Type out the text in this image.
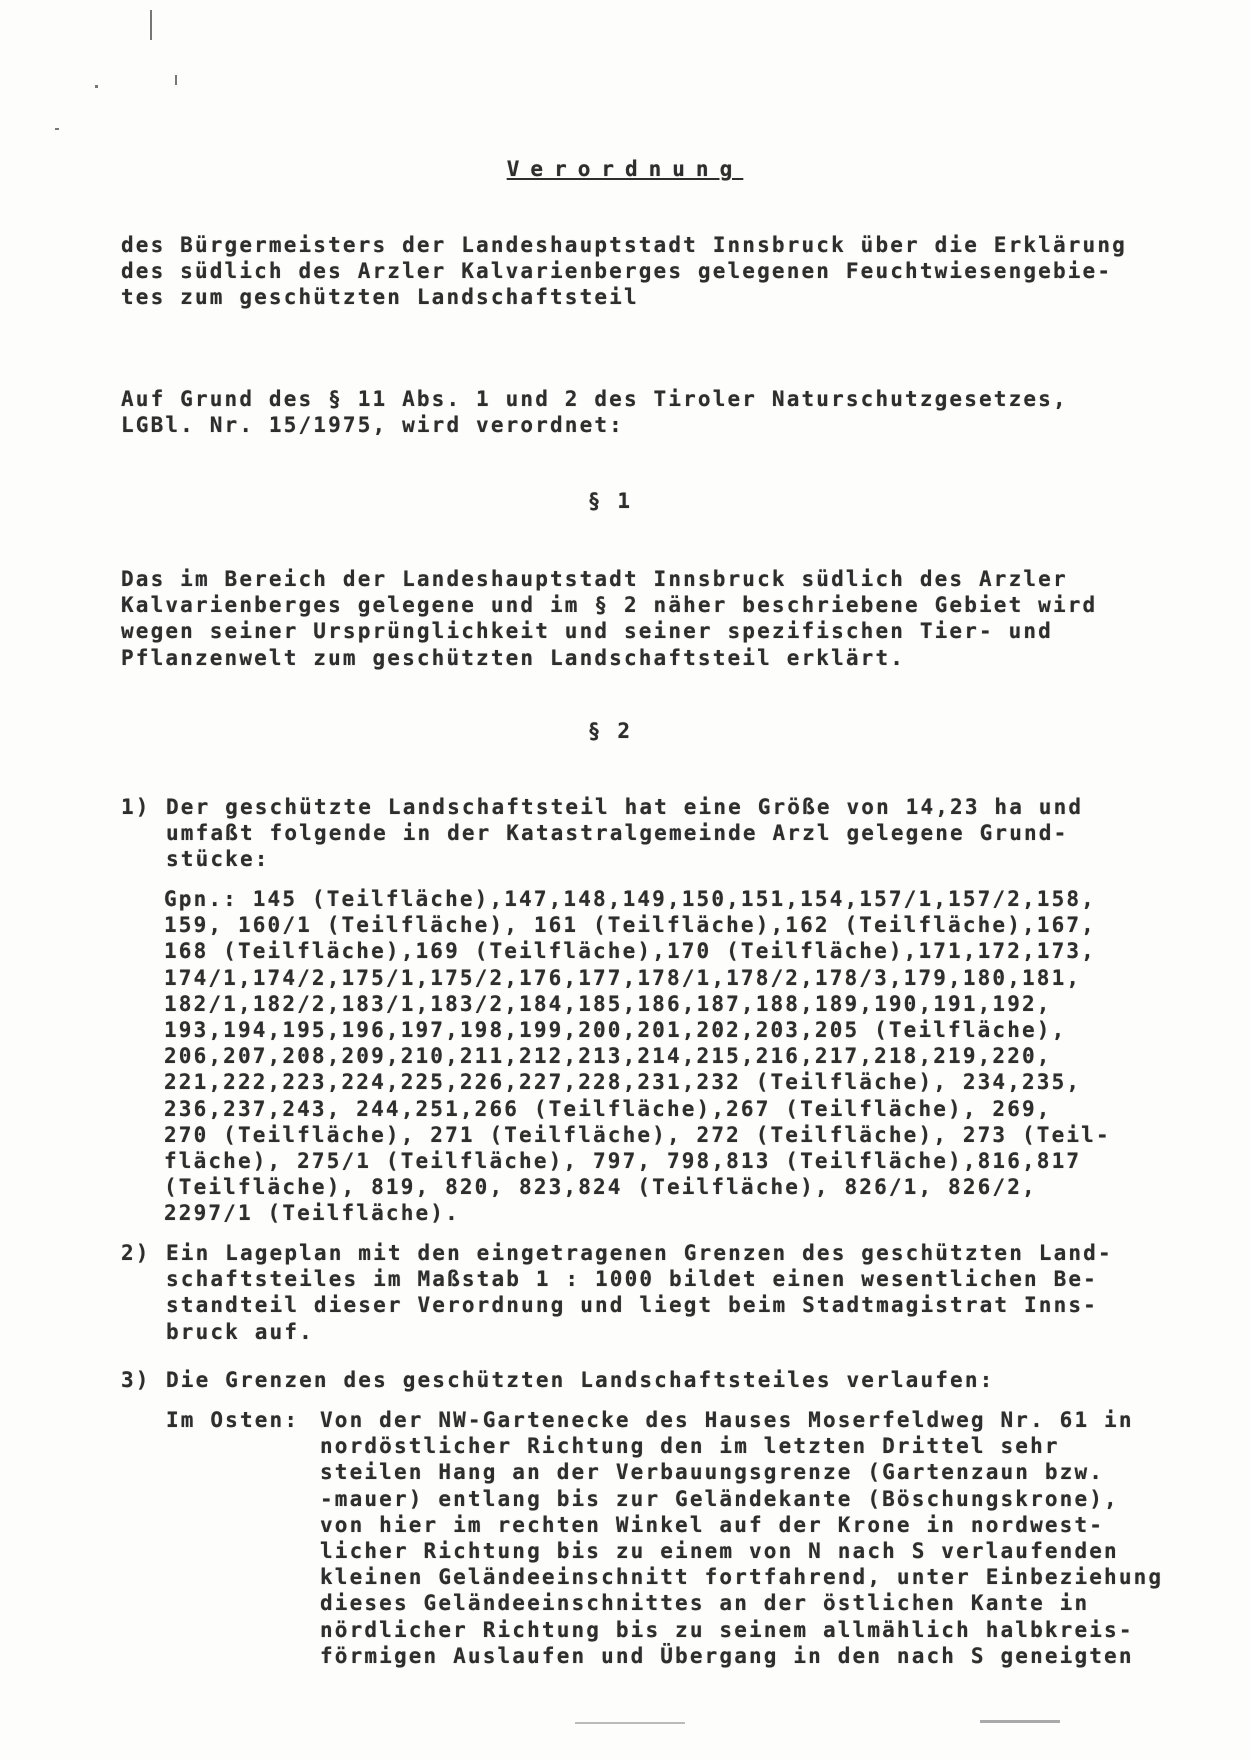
Verordnung
des Bürgermeisters der Landeshauptstadt Innsbruck über die Erklärung
des südlich des Arzler Kalvarienberges gelegenen Feuchtwiesengebie-
tes zum geschützten Landschaftsteil
Auf Grund des § 11 Abs. 1 und 2 des Tiroler Naturschutzgesetzes,
LGBl. Nr. 15/1975, wird verordnet:
§ 1
Das im Bereich der Landeshauptstadt Innsbruck südlich des Arzler
Kalvarienberges gelegene und im § 2 näher beschriebene Gebiet wird
wegen seiner Ursprünglichkeit und seiner spezifischen Tier- und
Pflanzenwelt zum geschützten Landschaftsteil erklärt.
§ 2
1) Der geschützte Landschaftsteil hat eine Größe von 14,23 ha und
umfaßt folgende in der Katastralgemeinde Arzl gelegene Grund-
stücke:
Gpn.: 145 (Teilfläche),147,148,149,150,151,154,157/1,157/2,158,
159, 160/1 (Teilfläche), 161 (Teilfläche),162 (Teilfläche),167,
168 (Teilfläche),169 (Teilfläche),170 (Teilfläche),171,172,173,
174/1,174/2,175/1,175/2,176,177,178/1,178/2,178/3,179,180,181,
182/1,182/2,183/1,183/2,184,185,186,187,188,189,190,191,192,
193,194,195,196,197,198,199,200,201,202,203,205 (Teilfläche),
206,207,208,209,210,211,212,213,214,215,216,217,218,219,220,
221,222,223,224,225,226,227,228,231,232 (Teilfläche), 234,235,
236,237,243, 244,251,266 (Teilfläche),267 (Teilfläche), 269,
270 (Teilfläche), 271 (Teilfläche), 272 (Teilfläche), 273 (Teil-
fläche), 275/1 (Teilfläche), 797, 798,813 (Teilfläche),816,817
(Teilfläche), 819, 820, 823,824 (Teilfläche), 826/1, 826/2,
2297/1 (Teilfläche).
2) Ein Lageplan mit den eingetragenen Grenzen des geschützten Land-
schaftsteiles im Maßstab 1 : 1000 bildet einen wesentlichen Be-
standteil dieser Verordnung und liegt beim Stadtmagistrat Inns-
bruck auf.
3) Die Grenzen des geschützten Landschaftsteiles verlaufen:
Im Osten: Von der NW-Gartenecke des Hauses Moserfeldweg Nr. 61 in
nordöstlicher Richtung den im letzten Drittel sehr
steilen Hang an der Verbauungsgrenze (Gartenzaun bzw.
-mauer) entlang bis zur Geländekante (Böschungskrone),
von hier im rechten Winkel auf der Krone in nordwest-
licher Richtung bis zu einem von N nach S verlaufenden
kleinen Geländeeinschnitt fortfahrend, unter Einbeziehung
dieses Geländeeinschnittes an der östlichen Kante in
nördlicher Richtung bis zu seinem allmählich halbkreis-
förmigen Auslaufen und Übergang in den nach S geneigten
